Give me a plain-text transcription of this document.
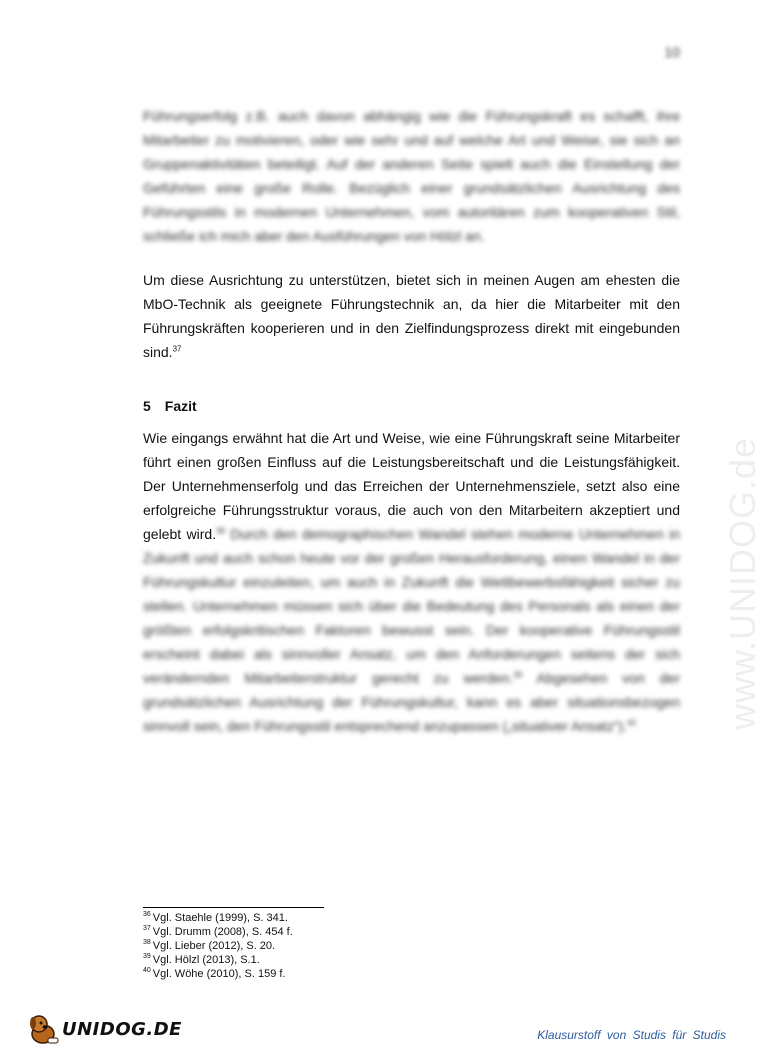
10
www.UNIDOG.de

Führungserfolg z.B. auch davon abhängig wie die Führungskraft es schafft, ihre Mitarbeiter zu motivieren, oder wie sehr und auf welche Art und Weise, sie sich an Gruppenaktivitäten beteiligt. Auf der anderen Seite spielt auch die Einstellung der Geführten eine große Rolle. Bezüglich einer grundsätzlichen Ausrichtung des Führungsstils in modernen Unternehmen, vom autoritären zum kooperativen Stil, schließe ich mich aber den Ausführungen von Hölzl an.

Um diese Ausrichtung zu unterstützen, bietet sich in meinen Augen am ehesten die MbO-Technik als geeignete Führungstechnik an, da hier die Mitarbeiter mit den Führungskräften kooperieren und in den Zielfindungsprozess direkt mit eingebunden sind.$^{37}$

5 Fazit

Wie eingangs erwähnt hat die Art und Weise, wie eine Führungskraft seine Mitarbeiter führt einen großen Einfluss auf die Leistungsbereitschaft und die Leistungsfähigkeit. Der Unternehmenserfolg und das Erreichen der Unternehmensziele, setzt also eine erfolgreiche Führungsstruktur voraus, die auch von den Mitarbeitern akzeptiert und gelebt wird.$^{38}$ Durch den demographischen Wandel stehen moderne Unternehmen in Zukunft und auch schon heute vor der großen Herausforderung, einen Wandel in der Führungskultur einzuleiten, um auch in Zukunft die Wettbewerbsfähigkeit sicher zu stellen. Unternehmen müssen sich über die Bedeutung des Personals als einen der größten erfolgskritischen Faktoren bewusst sein. Der kooperative Führungsstil erscheint dabei als sinnvoller Ansatz, um den Anforderungen seitens der sich verändernden Mitarbeiterstruktur gerecht zu werden.$^{39}$ Abgesehen von der grundsätzlichen Ausrichtung der Führungskultur, kann es aber situationsbezogen sinnvoll sein, den Führungsstil entsprechend anzupassen („situativer Ansatz“).$^{40}$

$^{36}$ Vgl. Staehle (1999), S. 341.
$^{37}$ Vgl. Drumm (2008), S. 454 f.
$^{38}$ Vgl. Lieber (2012), S. 20.
$^{39}$ Vgl. Hölzl (2013), S.1.
$^{40}$ Vgl. Wöhe (2010), S. 159 f.
UNIDOG.DE	Klausurstoff von Studis für Studis
